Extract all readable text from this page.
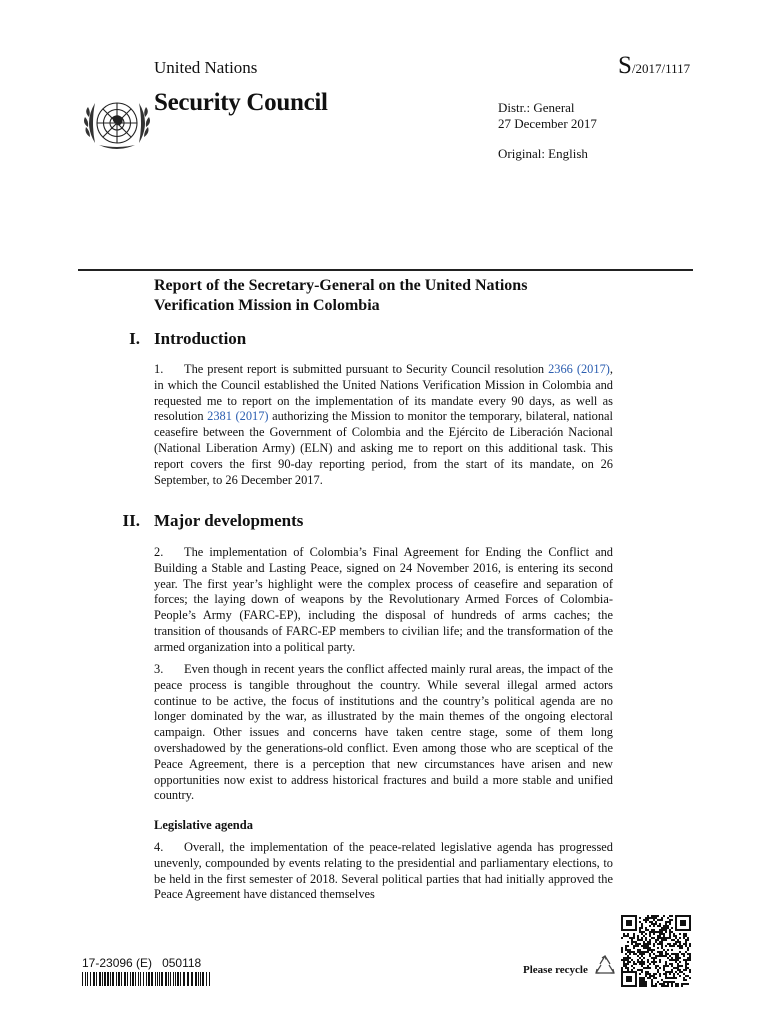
United Nations	S/2017/1117
Security Council	Distr.: General
27 December 2017
Original: English
Report of the Secretary-General on the United Nations Verification Mission in Colombia
I. Introduction
1. The present report is submitted pursuant to Security Council resolution 2366 (2017), in which the Council established the United Nations Verification Mission in Colombia and requested me to report on the implementation of its mandate every 90 days, as well as resolution 2381 (2017) authorizing the Mission to monitor the temporary, bilateral, national ceasefire between the Government of Colombia and the Ejército de Liberación Nacional (National Liberation Army) (ELN) and asking me to report on this additional task. This report covers the first 90-day reporting period, from the start of its mandate, on 26 September, to 26 December 2017.
II. Major developments
2. The implementation of Colombia’s Final Agreement for Ending the Conflict and Building a Stable and Lasting Peace, signed on 24 November 2016, is entering its second year. The first year’s highlight were the complex process of ceasefire and separation of forces; the laying down of weapons by the Revolutionary Armed Forces of Colombia-People’s Army (FARC-EP), including the disposal of hundreds of arms caches; the transition of thousands of FARC-EP members to civilian life; and the transformation of the armed organization into a political party.
3. Even though in recent years the conflict affected mainly rural areas, the impact of the peace process is tangible throughout the country. While several illegal armed actors continue to be active, the focus of institutions and the country’s political agenda are no longer dominated by the war, as illustrated by the main themes of the ongoing electoral campaign. Other issues and concerns have taken centre stage, some of them long overshadowed by the generations-old conflict. Even among those who are sceptical of the Peace Agreement, there is a perception that new circumstances have arisen and new opportunities now exist to address historical fractures and build a more stable and unified country.
Legislative agenda
4. Overall, the implementation of the peace-related legislative agenda has progressed unevenly, compounded by events relating to the presidential and parliamentary elections, to be held in the first semester of 2018. Several political parties that had initially approved the Peace Agreement have distanced themselves
17-23096 (E) 050118	Please recycle
